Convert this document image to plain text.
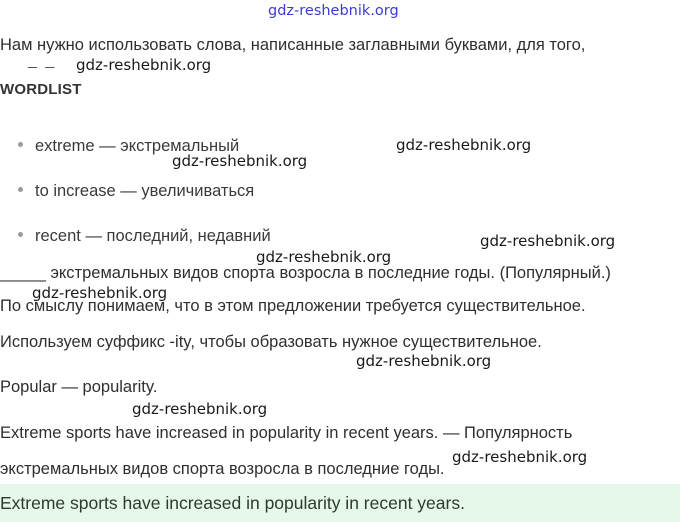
gdz-reshebnik.org
Нам нужно использовать слова, написанные заглавными буквами, для того,
_ _ gdz-reshebnik.org
WORDLIST
extreme — экстремальный
to increase — увеличиваться
recent — последний, недавний
gdz-reshebnik.org
gdz-reshebnik.org
gdz-reshebnik.org
gdz-reshebnik.org
_____ экстремальных видов спорта возросла в последние годы. (Популярный.)
gdz-reshebnik.org
По смыслу понимаем, что в этом предложении требуется существительное.
Используем суффикс -ity, чтобы образовать нужное существительное.
gdz-reshebnik.org
Popular — popularity.
gdz-reshebnik.org
Extreme sports have increased in popularity in recent years. — Популярность
экстремальных видов спорта возросла в последние годы.
gdz-reshebnik.org
Extreme sports have increased in popularity in recent years.
